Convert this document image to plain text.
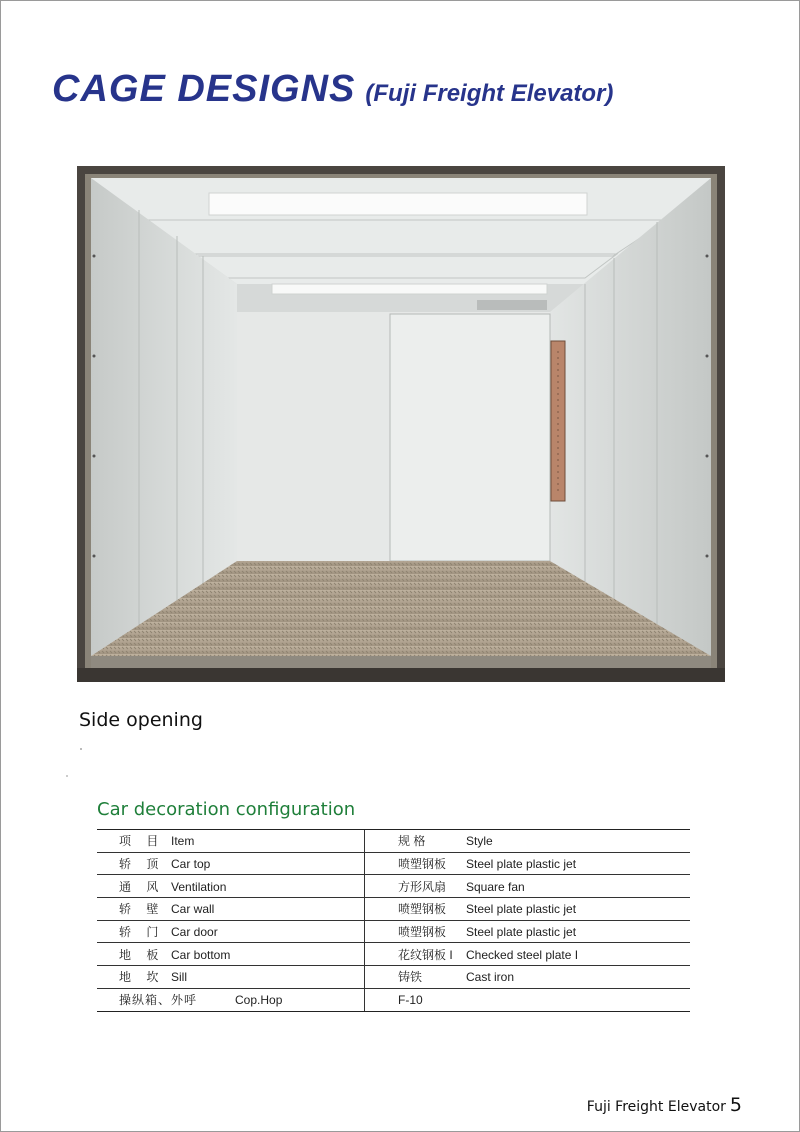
CAGE DESIGNS (Fuji Freight Elevator)
Side opening
Car decoration configuration
项 目 Item	规 格 Style
轿 顶 Car top	喷塑钢板 Steel plate plastic jet
通 风 Ventilation	方形风扇 Square fan
轿 壁 Car wall	喷塑钢板 Steel plate plastic jet
轿 门 Car door	喷塑钢板 Steel plate plastic jet
地 板 Car bottom	花纹钢板 I Checked steel plate I
地 坎 Sill	铸铁 Cast iron
操纵箱、外呼 Cop.Hop	F-10
Fuji Freight Elevator 5
